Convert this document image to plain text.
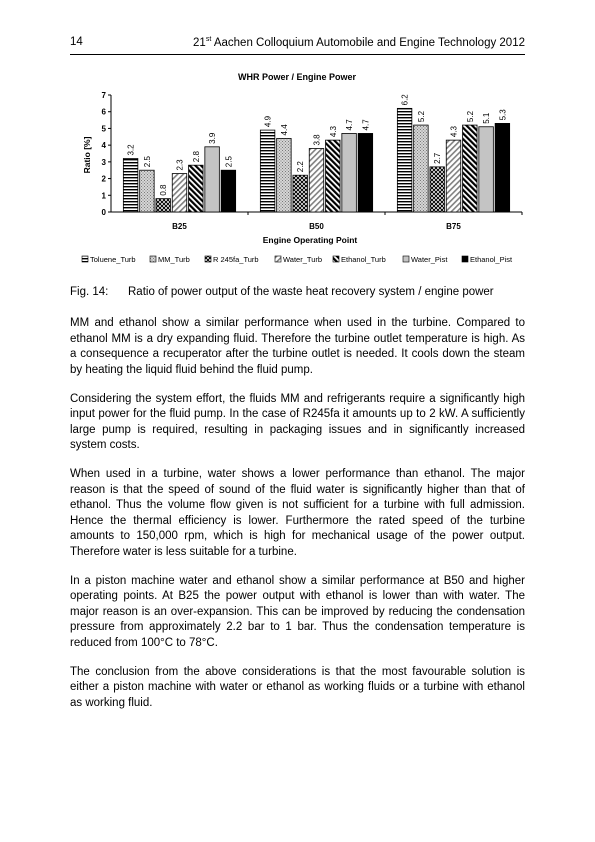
14	21st Aachen Colloquium Automobile and Engine Technology 2012
WHR Power / Engine Power
Ratio [%]
Engine Operating Point
0
1
2
3
4
5
6
7
3.2
2.5
0.8
2.3
2.8
3.9
2.5
B25
4.9
4.4
2.2
3.8
4.3
4.7 4.7
B50
6.2
5.2
2.7
4.3
5.2 5.1 5.3
B75
Toluene_Turb	MM_Turb	R 245fa_Turb	Water_Turb	Ethanol_Turb	Water_Pist	Ethanol_Pist
Fig. 14: Ratio of power output of the waste heat recovery system / engine power

MM and ethanol show a similar performance when used in the turbine. Compared to ethanol MM is a dry expanding fluid. Therefore the turbine outlet temperature is high. As a consequence a recuperator after the turbine outlet is needed. It cools down the steam by heating the liquid fluid behind the fluid pump.

Considering the system effort, the fluids MM and refrigerants require a significantly high input power for the fluid pump. In the case of R245fa it amounts up to 2 kW. A sufficiently large pump is required, resulting in packaging issues and in significantly increased system costs.

When used in a turbine, water shows a lower performance than ethanol. The major reason is that the speed of sound of the fluid water is significantly higher than that of ethanol. Thus the volume flow given is not sufficient for a turbine with full admission. Hence the thermal efficiency is lower. Furthermore the rated speed of the turbine amounts to 150,000 rpm, which is high for mechanical usage of the power output. Therefore water is less suitable for a turbine.

In a piston machine water and ethanol show a similar performance at B50 and higher operating points. At B25 the power output with ethanol is lower than with water. The major reason is an over-expansion. This can be improved by reducing the condensation pressure from approximately 2.2 bar to 1 bar. Thus the condensation temperature is reduced from 100°C to 78°C.

The conclusion from the above considerations is that the most favourable solution is either a piston machine with water or ethanol as working fluids or a turbine with ethanol as working fluid.
